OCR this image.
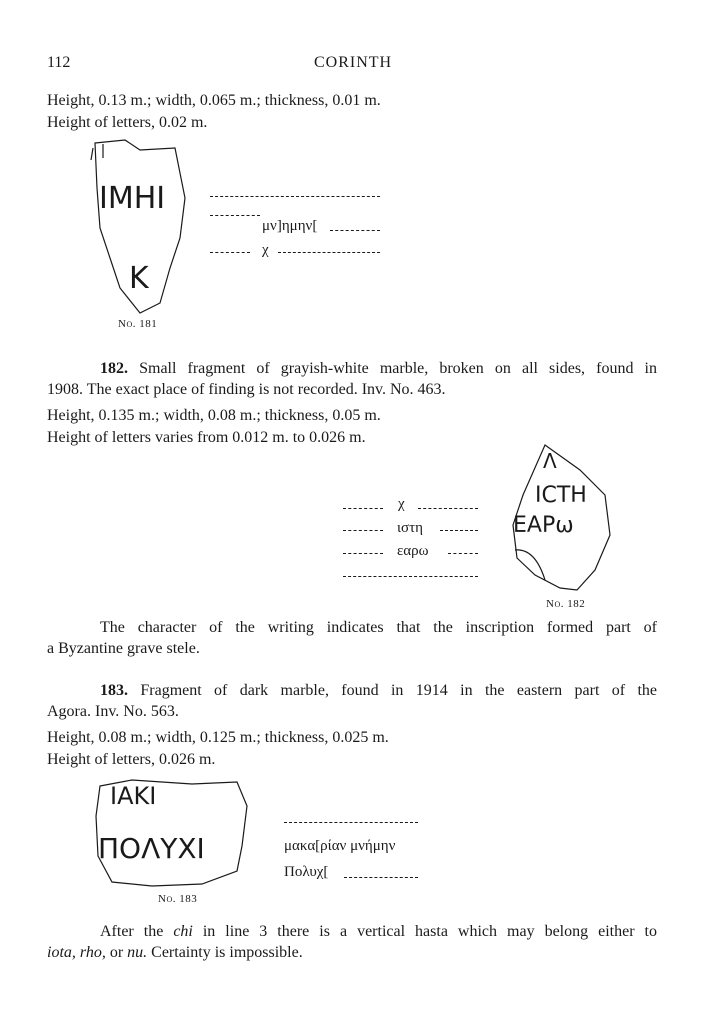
112	CORINTH
Height, 0.13 m.; width, 0.065 m.; thickness, 0.01 m.
Height of letters, 0.02 m.
ΙΜΗΙ
Κ
μν]ημην[
χ
No. 181
182. Small fragment of grayish-white marble, broken on all sides, found in
1908. The exact place of finding is not recorded. Inv. No. 463.
Height, 0.135 m.; width, 0.08 m.; thickness, 0.05 m.
Height of letters varies from 0.012 m. to 0.026 m.
χ
ιστη
εαρω
Λ
ΙϹΤΗ
ΕΑΡω
No. 182
The character of the writing indicates that the inscription formed part of
a Byzantine grave stele.
183. Fragment of dark marble, found in 1914 in the eastern part of the
Agora. Inv. No. 563.
Height, 0.08 m.; width, 0.125 m.; thickness, 0.025 m.
Height of letters, 0.026 m.
ΙΑΚΙ
ΠΟΛΥΧΙ	μακα[ρίαν μνήμην
Πολυχ[
No. 183
After the chi in line 3 there is a vertical hasta which may belong either to
iota, rho, or nu. Certainty is impossible.
